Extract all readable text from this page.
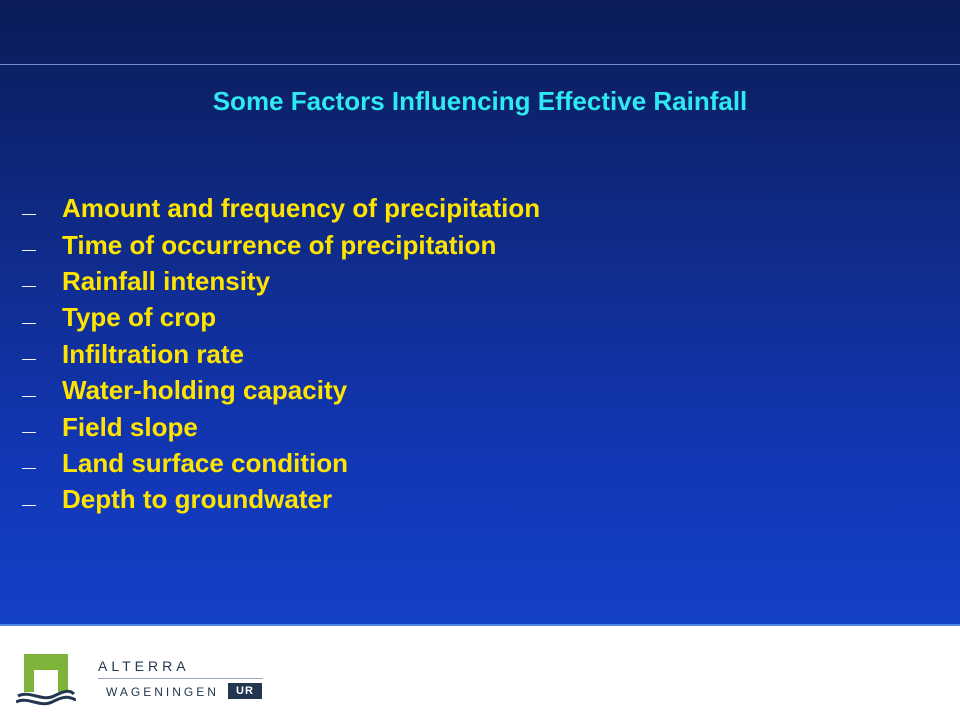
Some Factors Influencing Effective Rainfall
Amount and frequency of precipitation
Time of occurrence of precipitation
Rainfall intensity
Type of crop
Infiltration rate
Water-holding capacity
Field slope
Land surface condition
Depth to groundwater
ALTERRA
WAGENINGEN	UR
